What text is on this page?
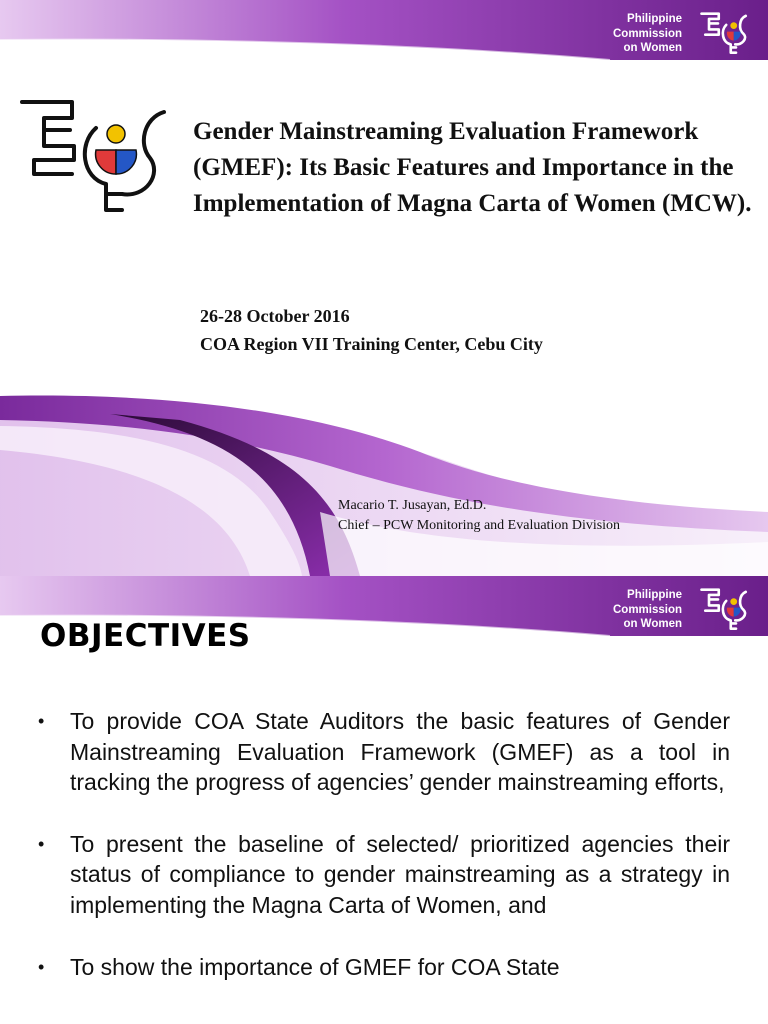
Philippine
Commission
on Women
Gender Mainstreaming Evaluation Framework (GMEF): Its Basic Features and Importance in the Implementation of Magna Carta of Women (MCW).
26-28 October 2016
COA Region VII Training Center, Cebu City
Macario T. Jusayan, Ed.D.
Chief – PCW Monitoring and Evaluation Division
Philippine
Commission
on Women
OBJECTIVES
• To provide COA State Auditors the basic features of Gender Mainstreaming Evaluation Framework (GMEF) as a tool in tracking the progress of agencies’ gender mainstreaming efforts,
• To present the baseline of selected/ prioritized agencies their status of compliance to gender mainstreaming as a strategy in implementing the Magna Carta of Women, and
• To show the importance of GMEF for COA State
